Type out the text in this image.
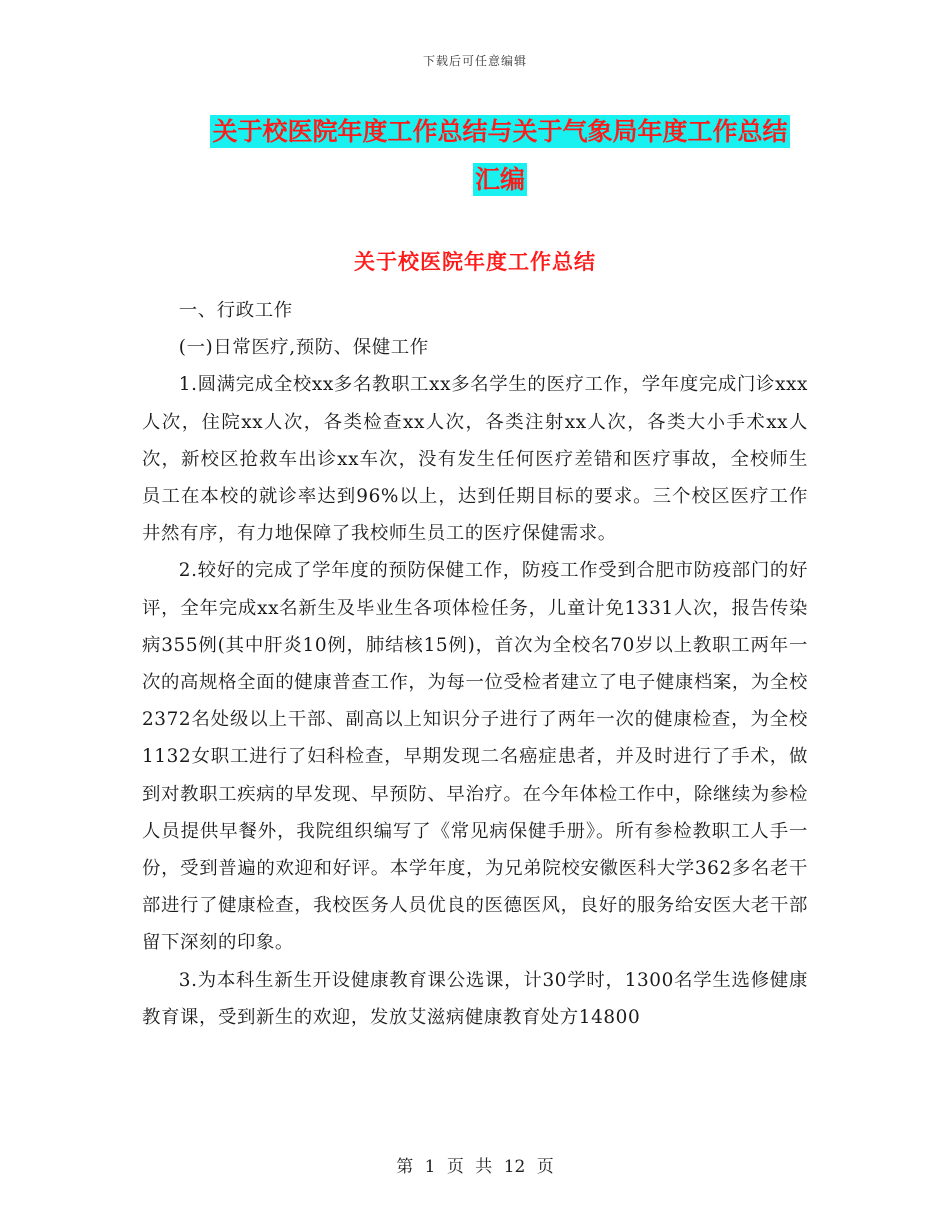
下载后可任意编辑
关于校医院年度工作总结与关于气象局年度工作总结
汇编
关于校医院年度工作总结

一、行政工作

(一)日常医疗,预防、保健工作

1.圆满完成全校xx多名教职工xx多名学生的医疗工作，学年度完成门诊xxx人次，住院xx人次，各类检查xx人次，各类注射xx人次，各类大小手术xx人次，新校区抢救车出诊xx车次，没有发生任何医疗差错和医疗事故，全校师生员工在本校的就诊率达到96%以上，达到任期目标的要求。三个校区医疗工作井然有序，有力地保障了我校师生员工的医疗保健需求。

2.较好的完成了学年度的预防保健工作，防疫工作受到合肥市防疫部门的好评，全年完成xx名新生及毕业生各项体检任务，儿童计免1331人次，报告传染病355例(其中肝炎10例，肺结核15例)，首次为全校名70岁以上教职工两年一次的高规格全面的健康普查工作，为每一位受检者建立了电子健康档案，为全校2372名处级以上干部、副高以上知识分子进行了两年一次的健康检查，为全校1132女职工进行了妇科检查，早期发现二名癌症患者，并及时进行了手术，做到对教职工疾病的早发现、早预防、早治疗。在今年体检工作中，除继续为参检人员提供早餐外，我院组织编写了《常见病保健手册》。所有参检教职工人手一份，受到普遍的欢迎和好评。本学年度，为兄弟院校安徽医科大学362多名老干部进行了健康检查，我校医务人员优良的医德医风，良好的服务给安医大老干部留下深刻的印象。

3.为本科生新生开设健康教育课公选课，计30学时，1300名学生选修健康教育课，受到新生的欢迎，发放艾滋病健康教育处方14800

第 1 页 共 12 页
